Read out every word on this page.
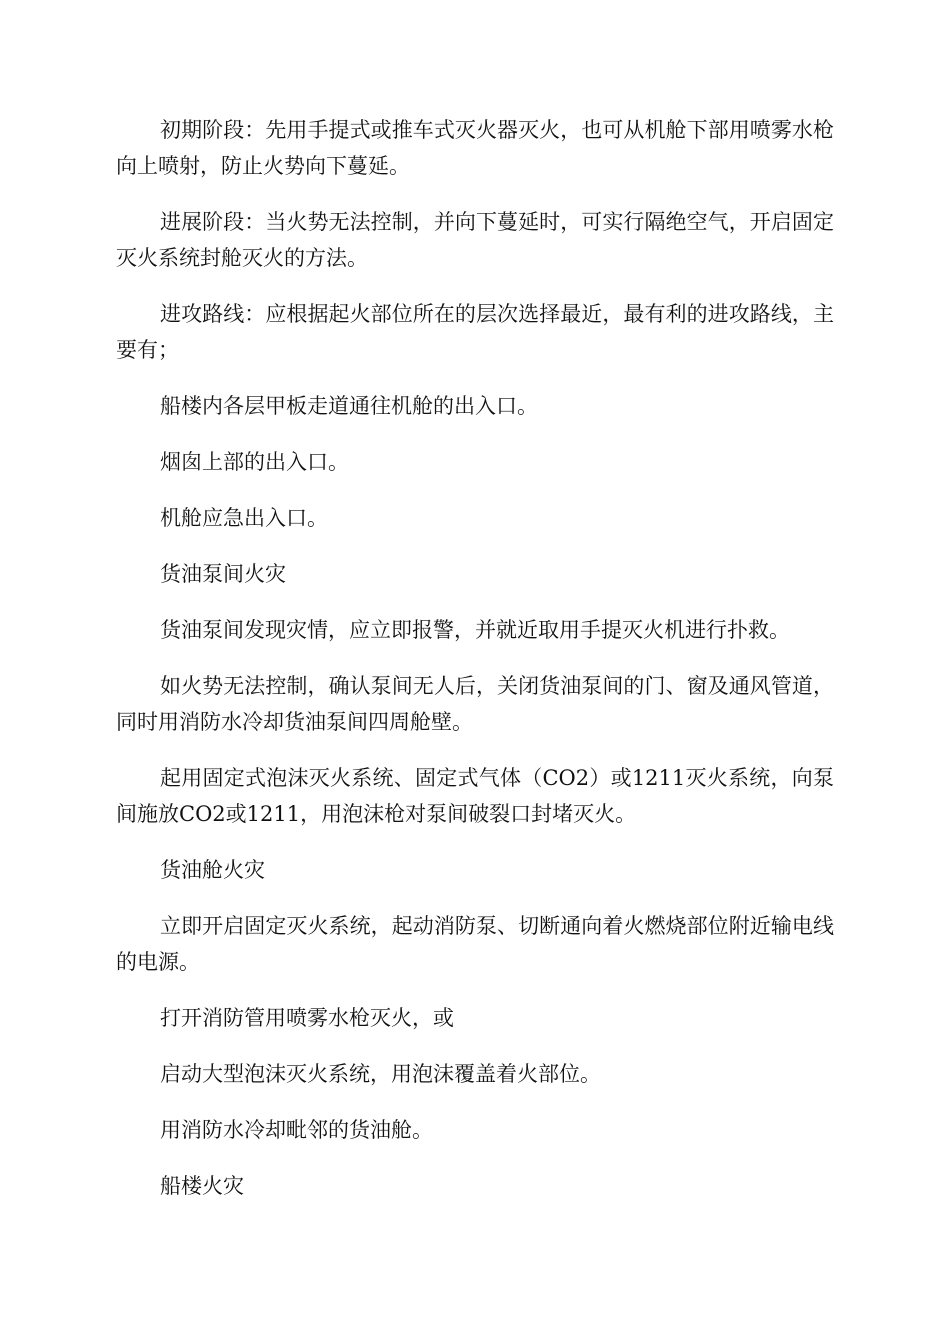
初期阶段：先用手提式或推车式灭火器灭火，也可从机舱下部用喷雾水枪向上喷射，防止火势向下蔓延。

进展阶段：当火势无法控制，并向下蔓延时，可实行隔绝空气，开启固定灭火系统封舱灭火的方法。

进攻路线：应根据起火部位所在的层次选择最近，最有利的进攻路线，主要有；

船楼内各层甲板走道通往机舱的出入口。

烟囱上部的出入口。

机舱应急出入口。

货油泵间火灾

货油泵间发现灾情，应立即报警，并就近取用手提灭火机进行扑救。

如火势无法控制，确认泵间无人后，关闭货油泵间的门、窗及通风管道，同时用消防水冷却货油泵间四周舱壁。

起用固定式泡沫灭火系统、固定式气体（CO2）或1211灭火系统，向泵间施放CO2或1211，用泡沫枪对泵间破裂口封堵灭火。

货油舱火灾

立即开启固定灭火系统，起动消防泵、切断通向着火燃烧部位附近输电线的电源。

打开消防管用喷雾水枪灭火，或

启动大型泡沫灭火系统，用泡沫覆盖着火部位。

用消防水冷却毗邻的货油舱。

船楼火灾
